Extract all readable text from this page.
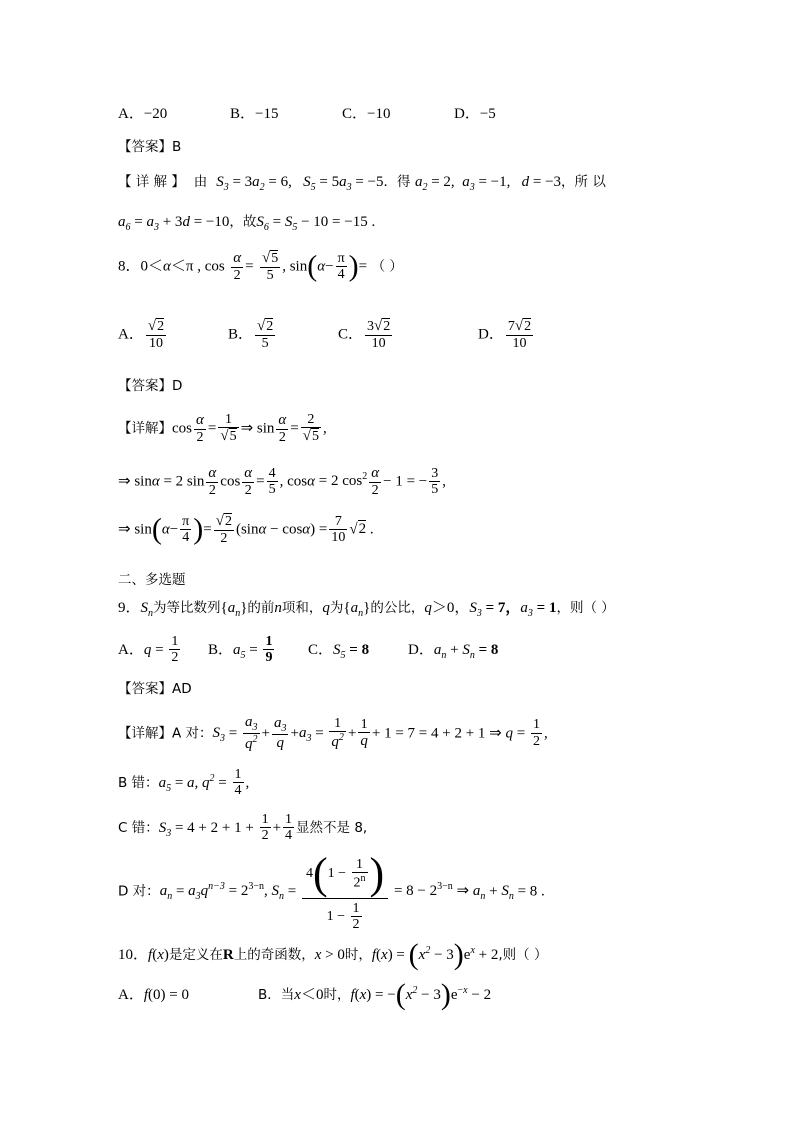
A．−20	B．−15	C．−10	D．−5
【答案】B
【 详 解 】 由 $S_3 = 3a_2 = 6$,   $S_5 = 5a_3 = -5$．得 $a_2 = 2$,  $a_3 = -1$,   d = −3，所 以
$a_6 = a_3 + 3d = -10$，故$S_6 = S_5 - 10 = -15$ .
8．0＜α＜π , $\cos \frac{\alpha}{2} = \frac{√5}{5}$ , $\sin(\alpha- \frac{\pi}{4}$ )= （ ）
A． $\frac{√2}{10}$	B． $\frac{√2}{5}$	C． $\frac{3√2}{10}$	D． $\frac{7√2}{10}$
【答案】D
【详解】$\cos \frac{\alpha}{2} = \frac{1}{√5}$ ⇒ $\sin \frac{\alpha}{2} = \frac{2}{√5}$ ,
⇒ sinα = 2 $\sin \frac{\alpha}{2}$ $\cos \frac{\alpha}{2} = \frac{4}{5}$ , cosα = 2 $\cos^2 \frac{\alpha}{2} - 1$ = − $\frac{3}{5}$ ,
⇒ $\sin(\alpha- \frac{\pi}{4}$ )= $\frac{√2}{2} (\sin\alpha - \cos\alpha) = \frac{7}{10} √2$ .
二、多选题
9．$S_n$为等比数列$\{a_n\}$的前n项和，q为$\{a_n\}$的公比，q＞0，$S_3 = 7$，$a_3 = 1$，则（ ）
A．$q = \frac{1}{2}$ B．$a_5 = \frac{1}{9}$ C．$S_5 = 8$	D．$a_n + S_n = 8$
【答案】AD
【详解】A 对：$S_3 = \frac{a_3}{q^2} + \frac{a_3}{q} +a_3 = \frac{1}{q^2} + \frac{1}{q} + 1 = 7 = 4 + 2 + 1$ ⇒ $q = \frac{1}{2}$ ,
B 错：$a_5 = a$, $q^2 = \frac{1}{4}$ ,
C 错：$S_3 = 4 + 2 + 1 + \frac{1}{2} + \frac{1}{4}$ 显然不是 8,
D 对：$a_n = a_3q^{n-3} = 2^{3-n}$, $S_n = \frac{4(1 - \frac{1}{2^n} )}{1 - \frac{1}{2}} = 8 - 2^{3-n}$ ⇒ $a_n + S_n = 8$ .
10．f(x)是定义在R上的奇函数，x > 0时，$f(x) = (x^2 - 3)e^x + 2$,则（ ）
A．f(0) = 0	B．当x＜0时，$f(x) = -(x^2 - 3)e^{-x} - 2$
